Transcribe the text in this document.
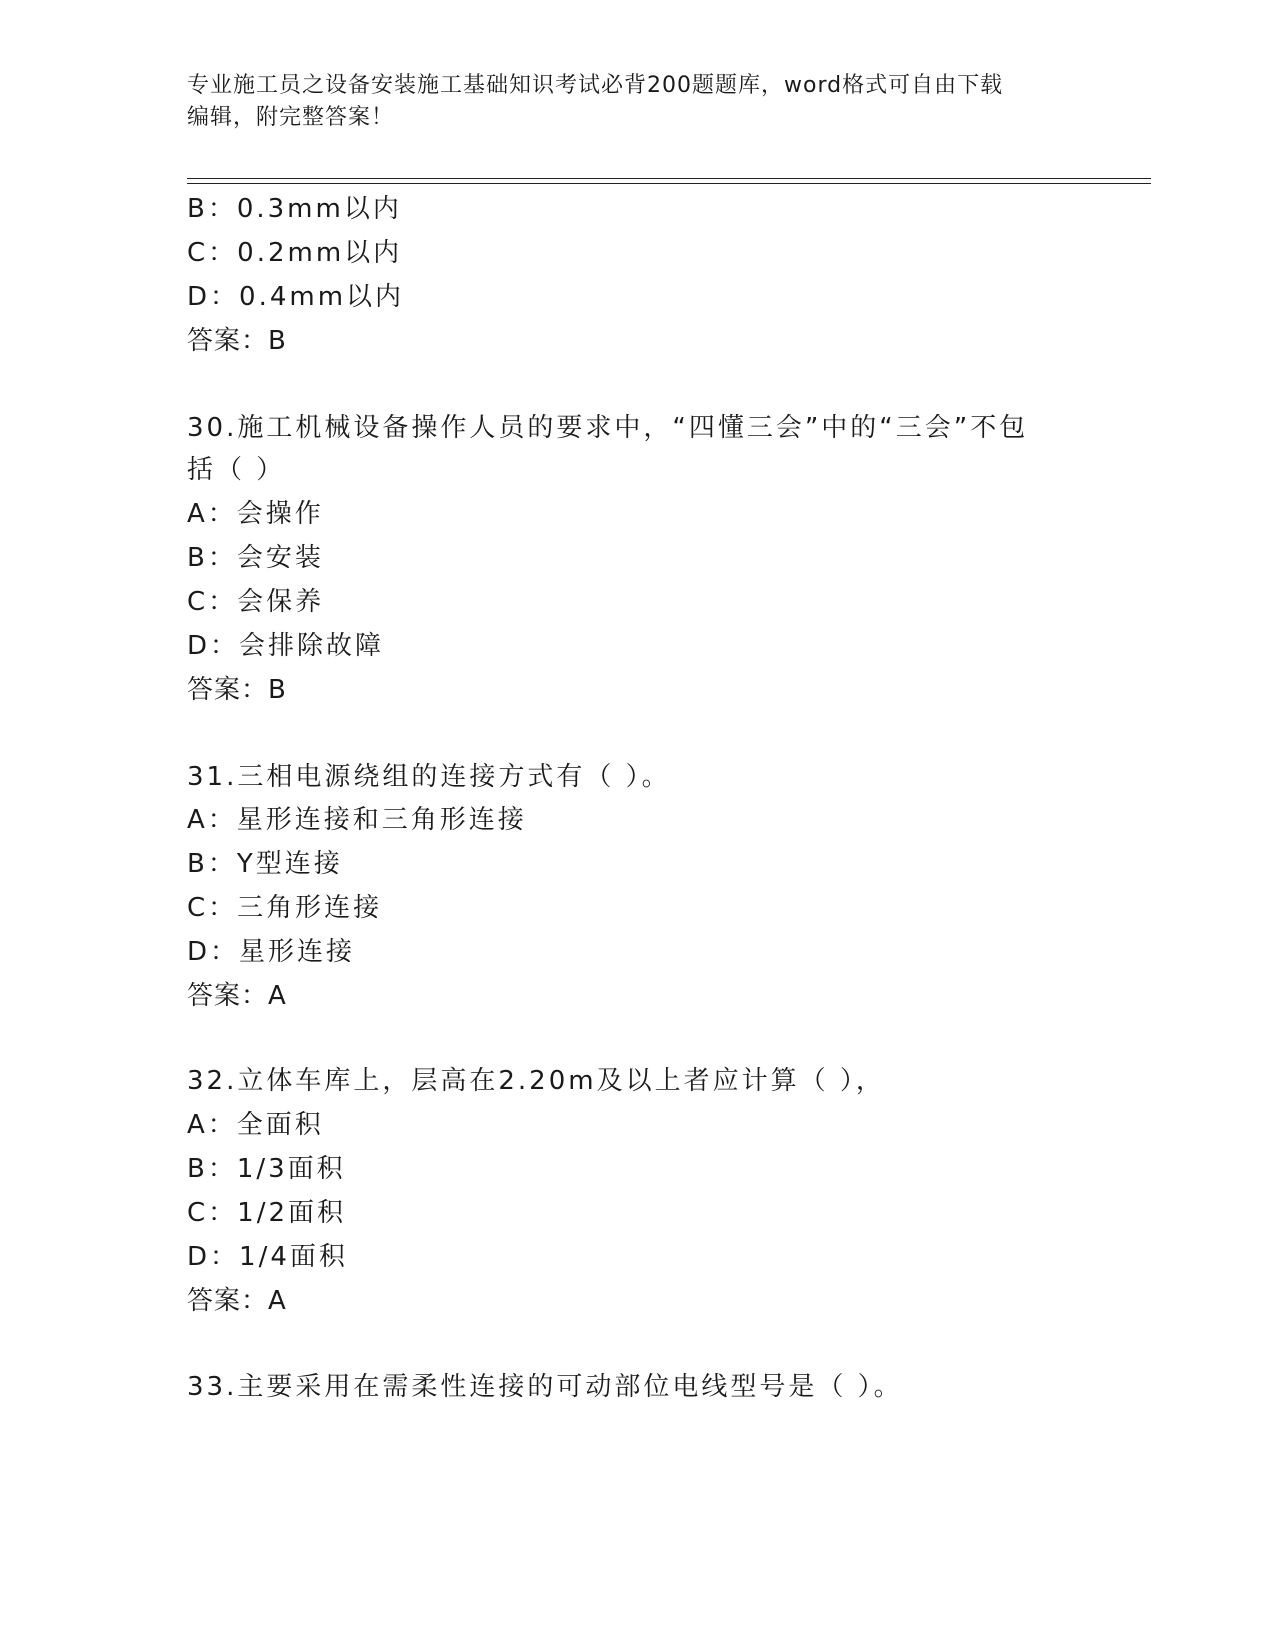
专业施工员之设备安装施工基础知识考试必背200题题库，word格式可自由下载
编辑，附完整答案！
B：0.3mm以内
C：0.2mm以内
D：0.4mm以内
答案：B
30.施工机械设备操作人员的要求中，“四懂三会”中的“三会”不包
括（ ）
A：会操作
B：会安装
C：会保养
D：会排除故障
答案：B
31.三相电源绕组的连接方式有（ ）。
A：星形连接和三角形连接
B：Y型连接
C：三角形连接
D：星形连接
答案：A
32.立体车库上，层高在2.20m及以上者应计算（ ），
A：全面积
B：1/3面积
C：1/2面积
D：1/4面积
答案：A
33.主要采用在需柔性连接的可动部位电线型号是（ ）。
